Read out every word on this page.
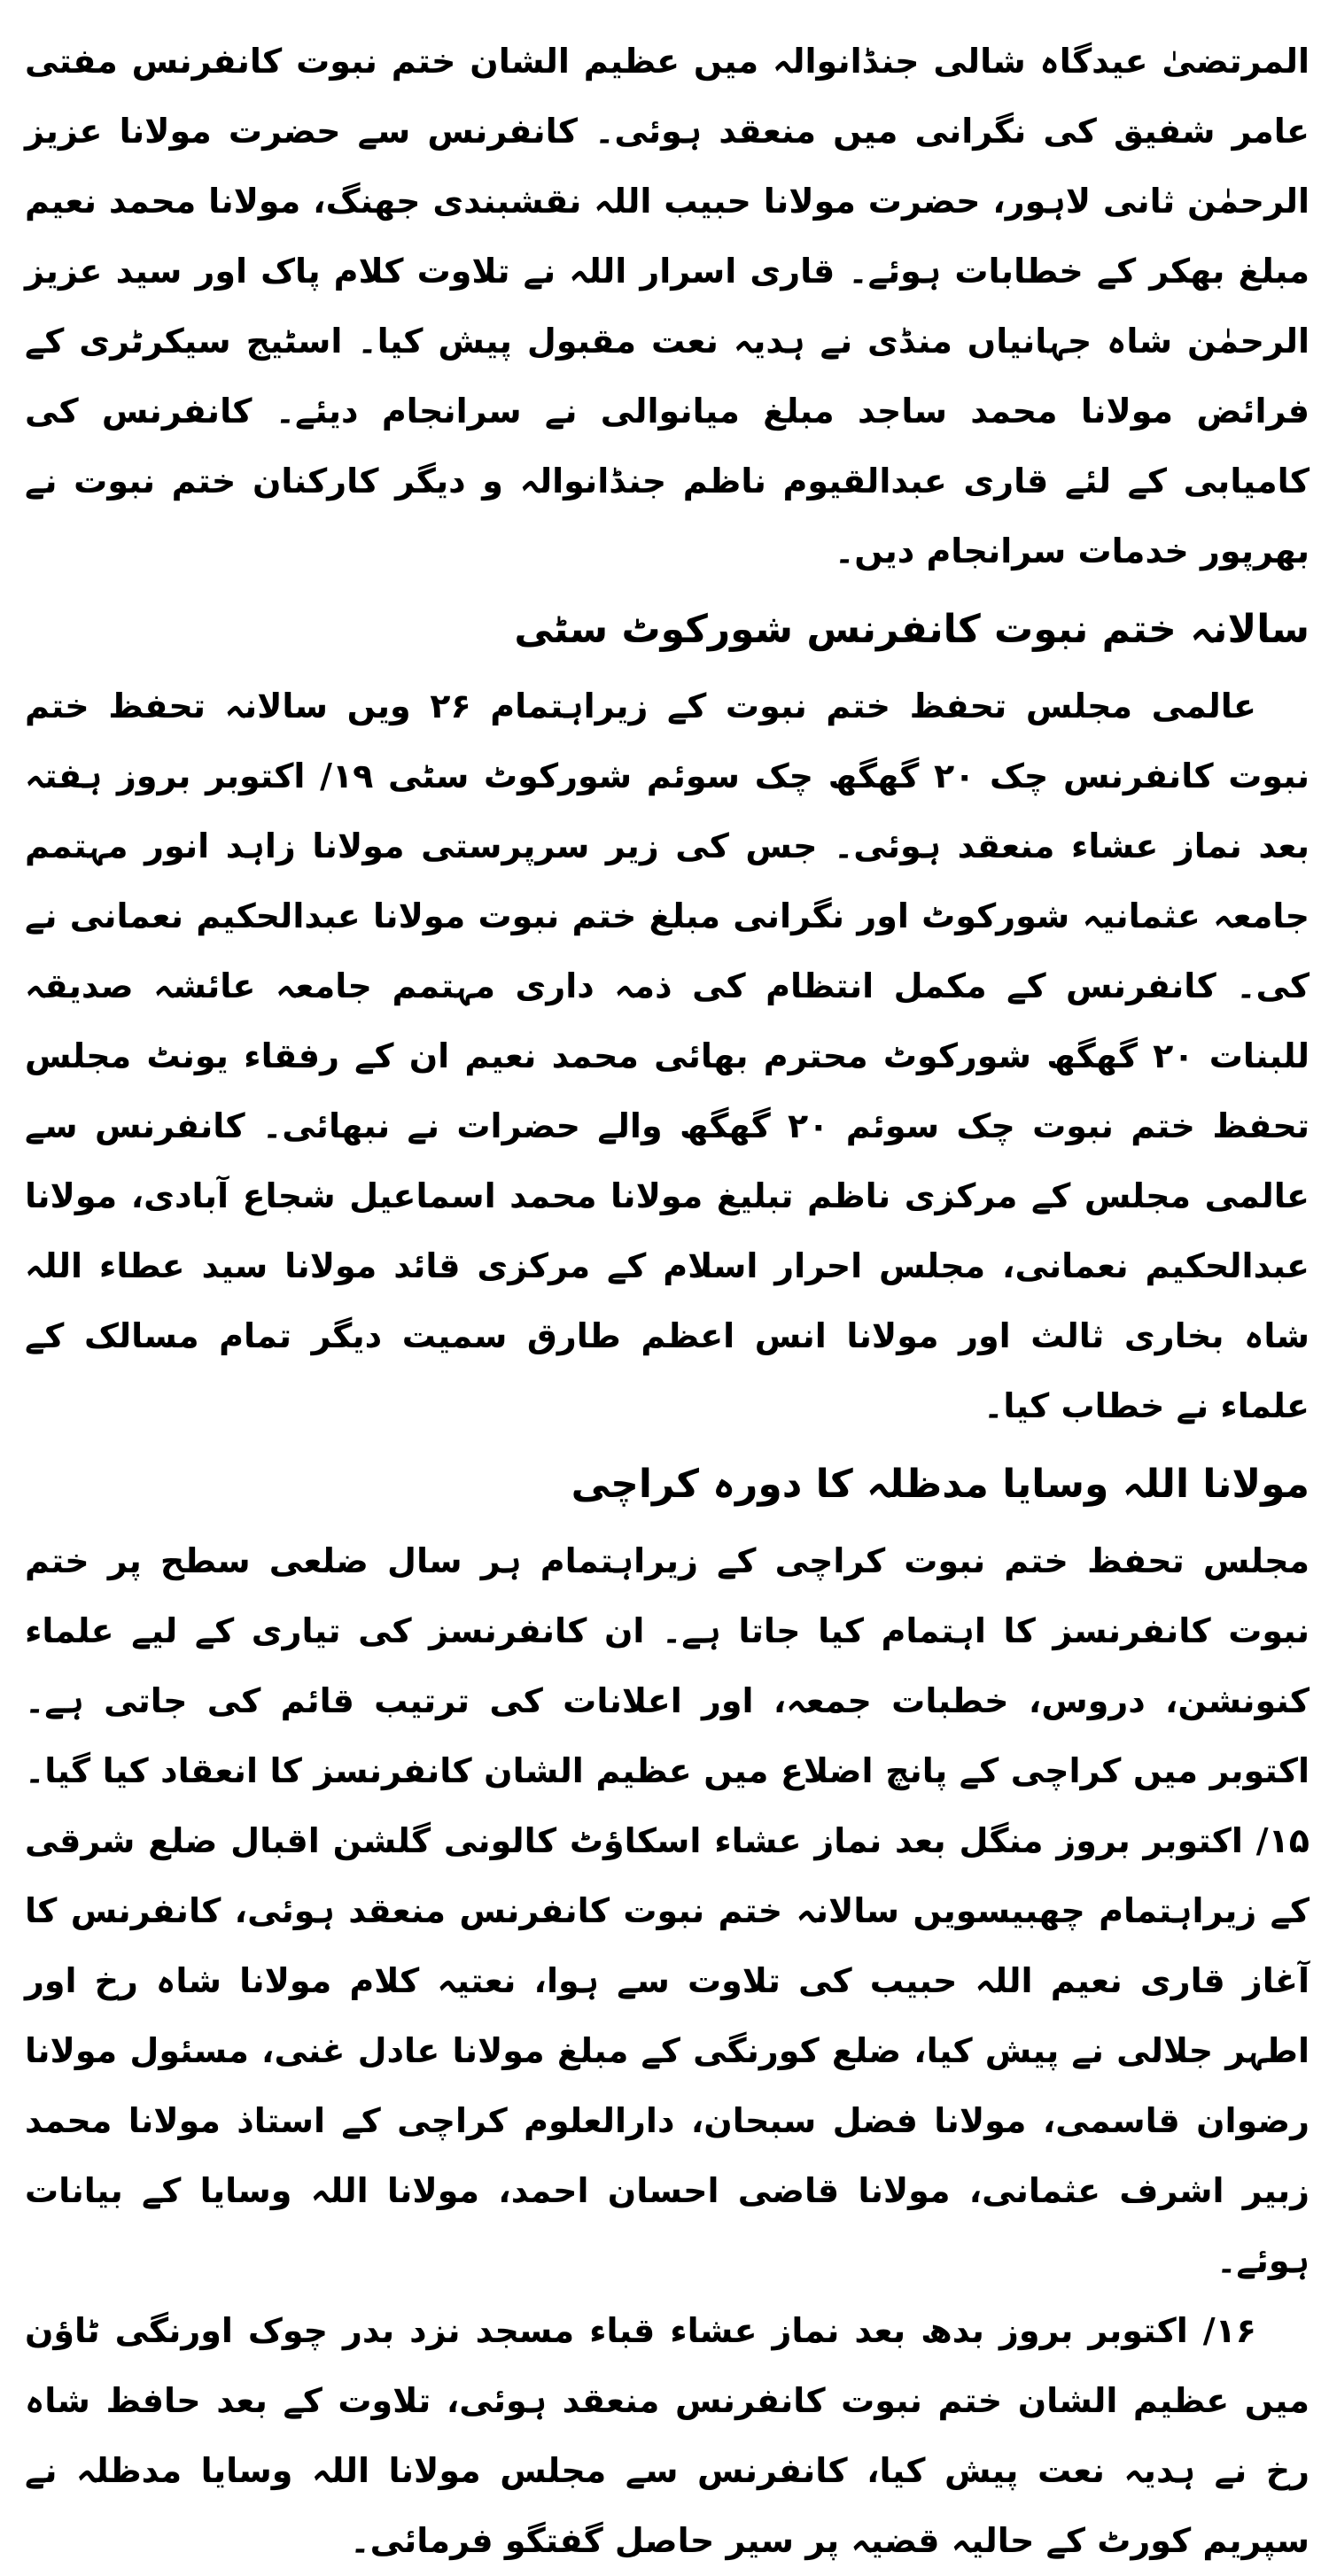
المرتضیٰ عیدگاہ شالی جنڈانوالہ میں عظیم الشان ختم نبوت کانفرنس مفتی عامر شفیق کی نگرانی میں منعقد ہوئی۔ کانفرنس سے حضرت مولانا عزیز الرحمٰن ثانی لاہور، حضرت مولانا حبیب اللہ نقشبندی جھنگ، مولانا محمد نعیم مبلغ بھکر کے خطابات ہوئے۔ قاری اسرار اللہ نے تلاوت کلام پاک اور سید عزیز الرحمٰن شاہ جہانیاں منڈی نے ہدیہ نعت مقبول پیش کیا۔ اسٹیج سیکرٹری کے فرائض مولانا محمد ساجد مبلغ میانوالی نے سرانجام دیئے۔ کانفرنس کی کامیابی کے لئے قاری عبدالقیوم ناظم جنڈانوالہ و دیگر کارکنان ختم نبوت نے بھرپور خدمات سرانجام دیں۔

سالانہ ختم نبوت کانفرنس شورکوٹ سٹی

عالمی مجلس تحفظ ختم نبوت کے زیراہتمام ۲۶ ویں سالانہ تحفظ ختم نبوت کانفرنس چک ۲۰ گھگھ چک سوئم شورکوٹ سٹی ۱۹/ اکتوبر بروز ہفتہ بعد نماز عشاء منعقد ہوئی۔ جس کی زیر سرپرستی مولانا زاہد انور مہتمم جامعہ عثمانیہ شورکوٹ اور نگرانی مبلغ ختم نبوت مولانا عبدالحکیم نعمانی نے کی۔ کانفرنس کے مکمل انتظام کی ذمہ داری مہتمم جامعہ عائشہ صدیقہ للبنات ۲۰ گھگھ شورکوٹ محترم بھائی محمد نعیم ان کے رفقاء یونٹ مجلس تحفظ ختم نبوت چک سوئم ۲۰ گھگھ والے حضرات نے نبھائی۔ کانفرنس سے عالمی مجلس کے مرکزی ناظم تبلیغ مولانا محمد اسماعیل شجاع آبادی، مولانا عبدالحکیم نعمانی، مجلس احرار اسلام کے مرکزی قائد مولانا سید عطاء اللہ شاہ بخاری ثالث اور مولانا انس اعظم طارق سمیت دیگر تمام مسالک کے علماء نے خطاب کیا۔

مولانا اللہ وسایا مدظلہ کا دورہ کراچی

مجلس تحفظ ختم نبوت کراچی کے زیراہتمام ہر سال ضلعی سطح پر ختم نبوت کانفرنسز کا اہتمام کیا جاتا ہے۔ ان کانفرنسز کی تیاری کے لیے علماء کنونشن، دروس، خطبات جمعہ، اور اعلانات کی ترتیب قائم کی جاتی ہے۔ اکتوبر میں کراچی کے پانچ اضلاع میں عظیم الشان کانفرنسز کا انعقاد کیا گیا۔ ۱۵/ اکتوبر بروز منگل بعد نماز عشاء اسکاؤٹ کالونی گلشن اقبال ضلع شرقی کے زیراہتمام چھبیسویں سالانہ ختم نبوت کانفرنس منعقد ہوئی، کانفرنس کا آغاز قاری نعیم اللہ حبیب کی تلاوت سے ہوا، نعتیہ کلام مولانا شاہ رخ اور اطہر جلالی نے پیش کیا، ضلع کورنگی کے مبلغ مولانا عادل غنی، مسئول مولانا رضوان قاسمی، مولانا فضل سبحان، دارالعلوم کراچی کے استاذ مولانا محمد زبیر اشرف عثمانی، مولانا قاضی احسان احمد، مولانا اللہ وسایا کے بیانات ہوئے۔

۱۶/ اکتوبر بروز بدھ بعد نماز عشاء قباء مسجد نزد بدر چوک اورنگی ٹاؤن میں عظیم الشان ختم نبوت کانفرنس منعقد ہوئی، تلاوت کے بعد حافظ شاہ رخ نے ہدیہ نعت پیش کیا، کانفرنس سے مجلس مولانا اللہ وسایا مدظلہ نے سپریم کورٹ کے حالیہ قضیہ پر سیر حاصل گفتگو فرمائی۔
